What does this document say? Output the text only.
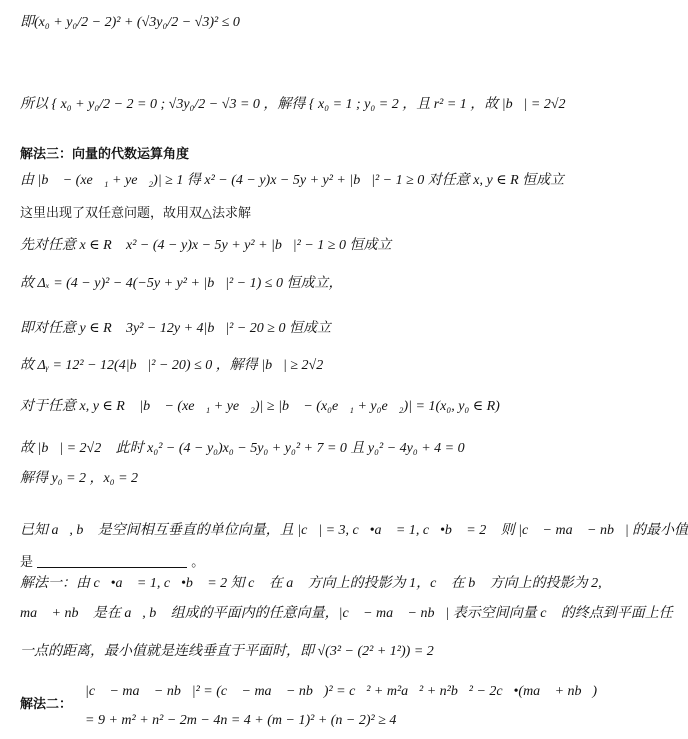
即(x₀ + y₀/2 − 2)² + (√3y₀/2 − √3)² ≤ 0
所以 { x₀ + y₀/2 − 2 = 0 ; √3y₀/2 − √3 = 0 ，解得 { x₀ = 1 ; y₀ = 2 ，且 r² = 1 ，故 |b⃗| = 2√2
解法三：向量的代数运算角度
由 |b⃗ − (xe⃗₁ + ye⃗₂)| ≥ 1 得 x² − (4 − y)x − 5y + y² + |b⃗|² − 1 ≥ 0 对任意 x, y ∈ R 恒成立
这里出现了双任意问题，故用双△法求解
先对任意 x ∈ R ，x² − (4 − y)x − 5y + y² + |b⃗|² − 1 ≥ 0 恒成立
故 Δₓ = (4 − y)² − 4(−5y + y² + |b⃗|² − 1) ≤ 0 恒成立，
即对任意 y ∈ R ，3y² − 12y + 4|b⃗|² − 20 ≥ 0 恒成立
故 Δᵧ = 12² − 12(4|b⃗|² − 20) ≤ 0 ，解得 |b⃗| ≥ 2√2
对于任意 x, y ∈ R ，|b⃗ − (xe⃗₁ + ye⃗₂)| ≥ |b⃗ − (x₀e⃗₁ + y₀e⃗₂)| = 1(x₀, y₀ ∈ R) ，
故 |b⃗| = 2√2 ，此时 x₀² − (4 − y₀)x₀ − 5y₀ + y₀² + 7 = 0 且 y₀² − 4y₀ + 4 = 0
解得 y₀ = 2 ，x₀ = 2
已知 a⃗, b⃗ 是空间相互垂直的单位向量，且 |c⃗| = 3, c⃗•a⃗ = 1, c⃗•b⃗ = 2 ，则 |c⃗ − ma⃗ − nb⃗| 的最小值
是	。
解法一：由 c⃗•a⃗ = 1, c⃗•b⃗ = 2 知 c⃗ 在 a⃗ 方向上的投影为 1，c⃗ 在 b⃗ 方向上的投影为 2,
ma⃗ + nb⃗ 是在 a⃗, b⃗ 组成的平面内的任意向量，|c⃗ − ma⃗ − nb⃗| 表示空间向量 c⃗ 的终点到平面上任
一点的距离，最小值就是连线垂直于平面时，即 √(3² − (2² + 1²)) = 2
|c⃗ − ma⃗ − nb⃗|² = (c⃗ − ma⃗ − nb⃗)² = c⃗² + m²a⃗² + n²b⃗² − 2c⃗•(ma⃗ + nb⃗)
解法二：
= 9 + m² + n² − 2m − 4n = 4 + (m − 1)² + (n − 2)² ≥ 4
